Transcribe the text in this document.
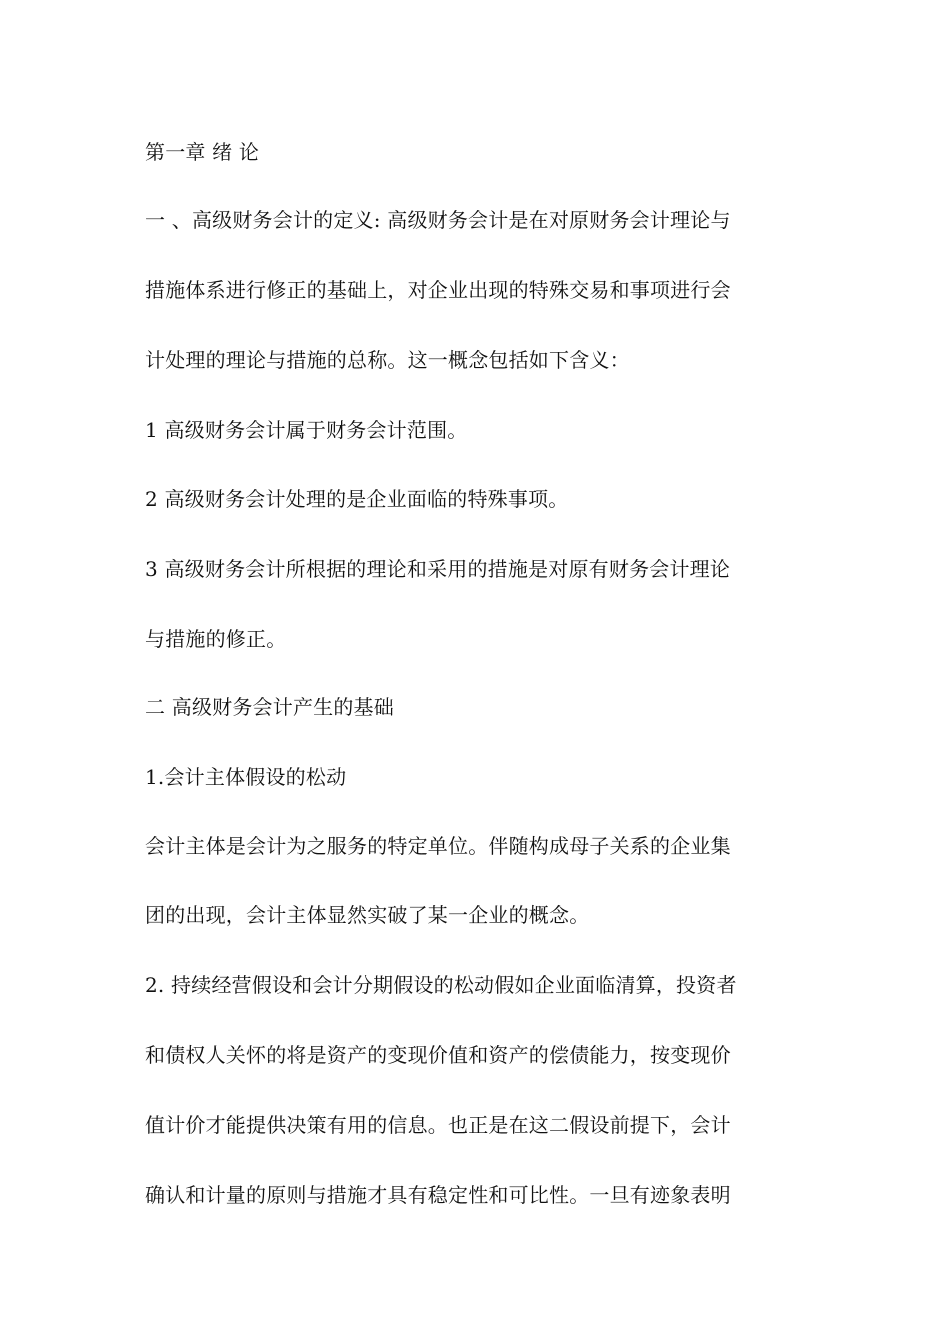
第一章 绪 论
一 、高级财务会计的定义: 高级财务会计是在对原财务会计理论与
措施体系进行修正的基础上，对企业出现的特殊交易和事项进行会
计处理的理论与措施的总称。这一概念包括如下含义：
1 高级财务会计属于财务会计范围。
2 高级财务会计处理的是企业面临的特殊事项。
3 高级财务会计所根据的理论和采用的措施是对原有财务会计理论
与措施的修正。
二 高级财务会计产生的基础
1.会计主体假设的松动
会计主体是会计为之服务的特定单位。伴随构成母子关系的企业集
团的出现，会计主体显然实破了某一企业的概念。
2. 持续经营假设和会计分期假设的松动假如企业面临清算，投资者
和债权人关怀的将是资产的变现价值和资产的偿债能力，按变现价
值计价才能提供决策有用的信息。也正是在这二假设前提下，会计
确认和计量的原则与措施才具有稳定性和可比性。一旦有迹象表明
